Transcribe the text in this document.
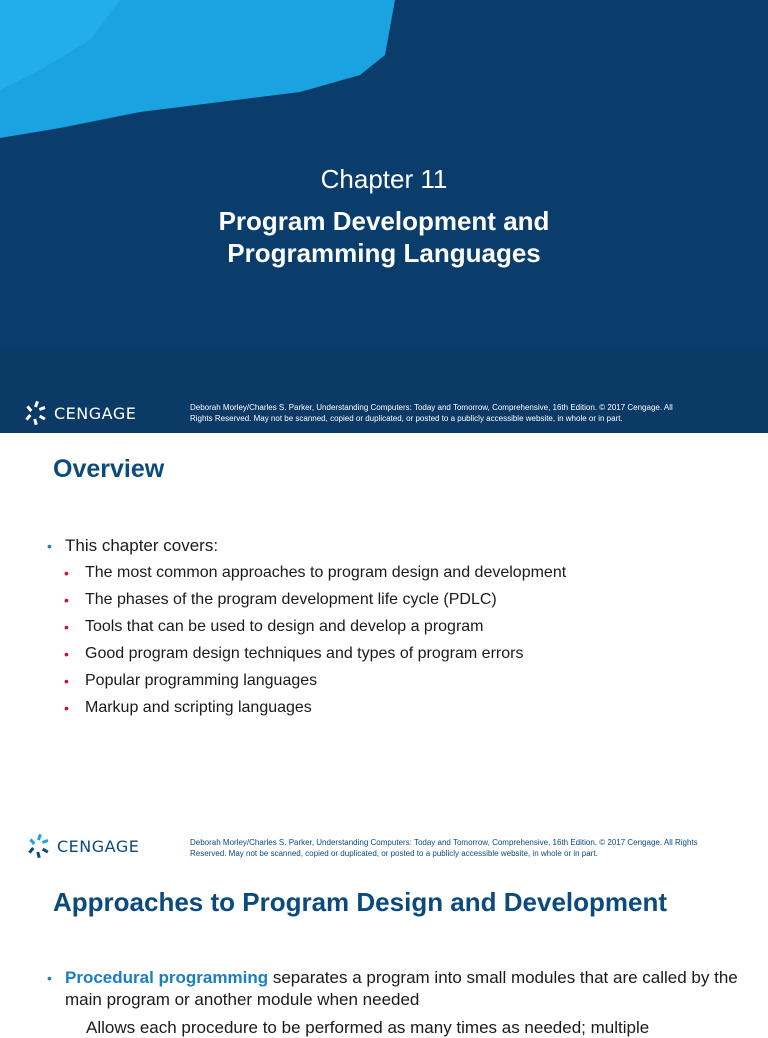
Chapter 11
Program Development and
Programming Languages
CENGAGE	Deborah Morley/Charles S. Parker, Understanding Computers: Today and Tomorrow, Comprehensive, 16th Edition. © 2017 Cengage. All
Rights Reserved. May not be scanned, copied or duplicated, or posted to a publicly accessible website, in whole or in part.
Overview
• This chapter covers:
•	The most common approaches to program design and development
•	The phases of the program development life cycle (PDLC)
•	Tools that can be used to design and develop a program
•	Good program design techniques and types of program errors
•	Popular programming languages
•	Markup and scripting languages
CENGAGE	Deborah Morley/Charles S. Parker, Understanding Computers: Today and Tomorrow, Comprehensive, 16th Edition. © 2017 Cengage. All Rights
Reserved. May not be scanned, copied or duplicated, or posted to a publicly accessible website, in whole or in part.
Approaches to Program Design and Development
• Procedural programming separates a program into small modules that are called by the main program or another module when needed
Allows each procedure to be performed as many times as needed; multiple
